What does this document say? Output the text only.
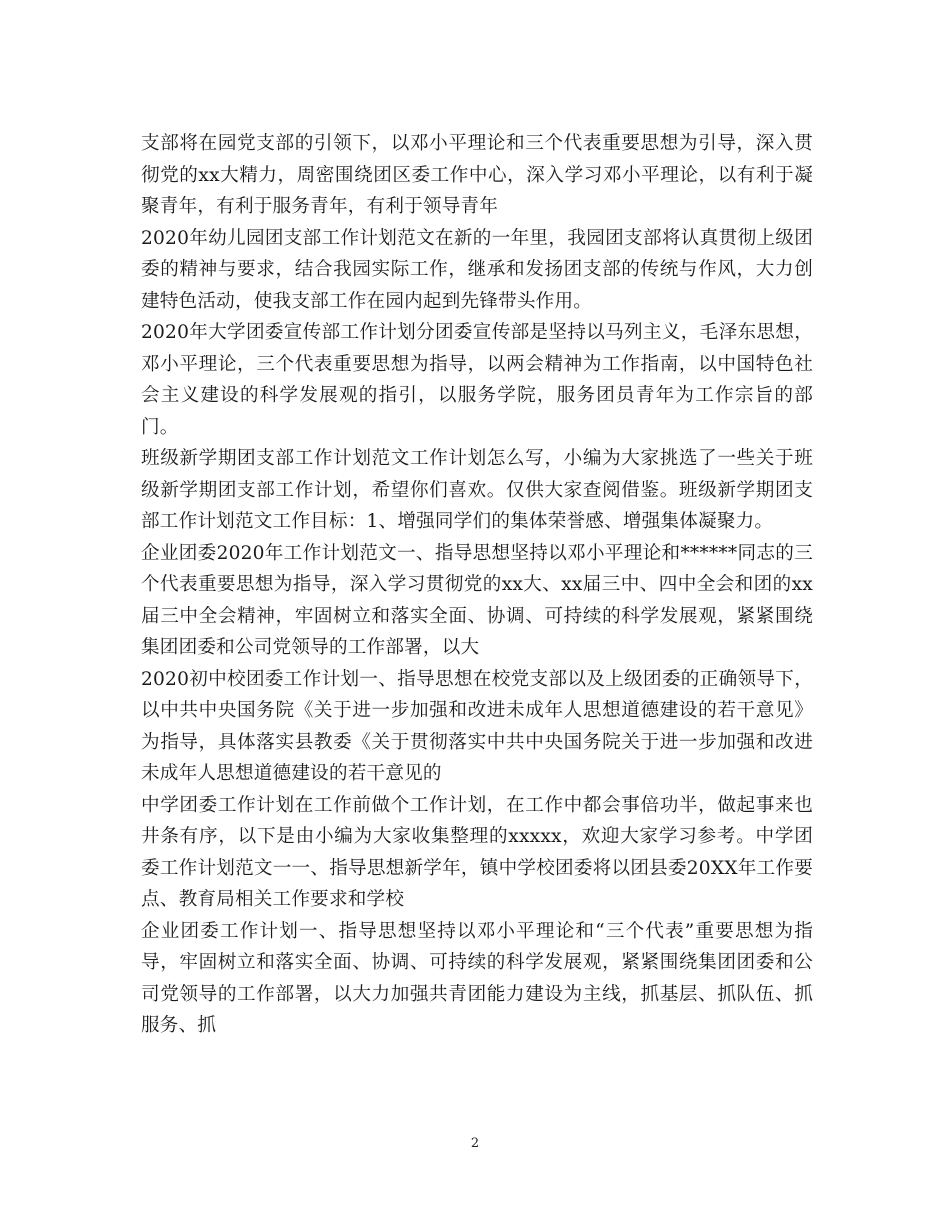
支部将在园党支部的引领下，以邓小平理论和三个代表重要思想为引导，深入贯彻党的xx大精力，周密围绕团区委工作中心，深入学习邓小平理论，以有利于凝聚青年，有利于服务青年，有利于领导青年

2020年幼儿园团支部工作计划范文在新的一年里，我园团支部将认真贯彻上级团委的精神与要求，结合我园实际工作，继承和发扬团支部的传统与作风，大力创建特色活动，使我支部工作在园内起到先锋带头作用。

2020年大学团委宣传部工作计划分团委宣传部是坚持以马列主义，毛泽东思想，邓小平理论，三个代表重要思想为指导，以两会精神为工作指南，以中国特色社会主义建设的科学发展观的指引，以服务学院，服务团员青年为工作宗旨的部门。

班级新学期团支部工作计划范文工作计划怎么写，小编为大家挑选了一些关于班级新学期团支部工作计划，希望你们喜欢。仅供大家查阅借鉴。班级新学期团支部工作计划范文工作目标：1、增强同学们的集体荣誉感、增强集体凝聚力。

企业团委2020年工作计划范文一、指导思想坚持以邓小平理论和******同志的三个代表重要思想为指导，深入学习贯彻党的xx大、xx届三中、四中全会和团的xx届三中全会精神，牢固树立和落实全面、协调、可持续的科学发展观，紧紧围绕集团团委和公司党领导的工作部署，以大

2020初中校团委工作计划一、指导思想在校党支部以及上级团委的正确领导下，以中共中央国务院《关于进一步加强和改进未成年人思想道德建设的若干意见》为指导，具体落实县教委《关于贯彻落实中共中央国务院关于进一步加强和改进未成年人思想道德建设的若干意见的

中学团委工作计划在工作前做个工作计划，在工作中都会事倍功半，做起事来也井条有序，以下是由小编为大家收集整理的xxxxx，欢迎大家学习参考。中学团委工作计划范文一一、指导思想新学年，镇中学校团委将以团县委20XX年工作要点、教育局相关工作要求和学校

企业团委工作计划一、指导思想坚持以邓小平理论和“三个代表”重要思想为指导，牢固树立和落实全面、协调、可持续的科学发展观，紧紧围绕集团团委和公司党领导的工作部署，以大力加强共青团能力建设为主线，抓基层、抓队伍、抓服务、抓

2
